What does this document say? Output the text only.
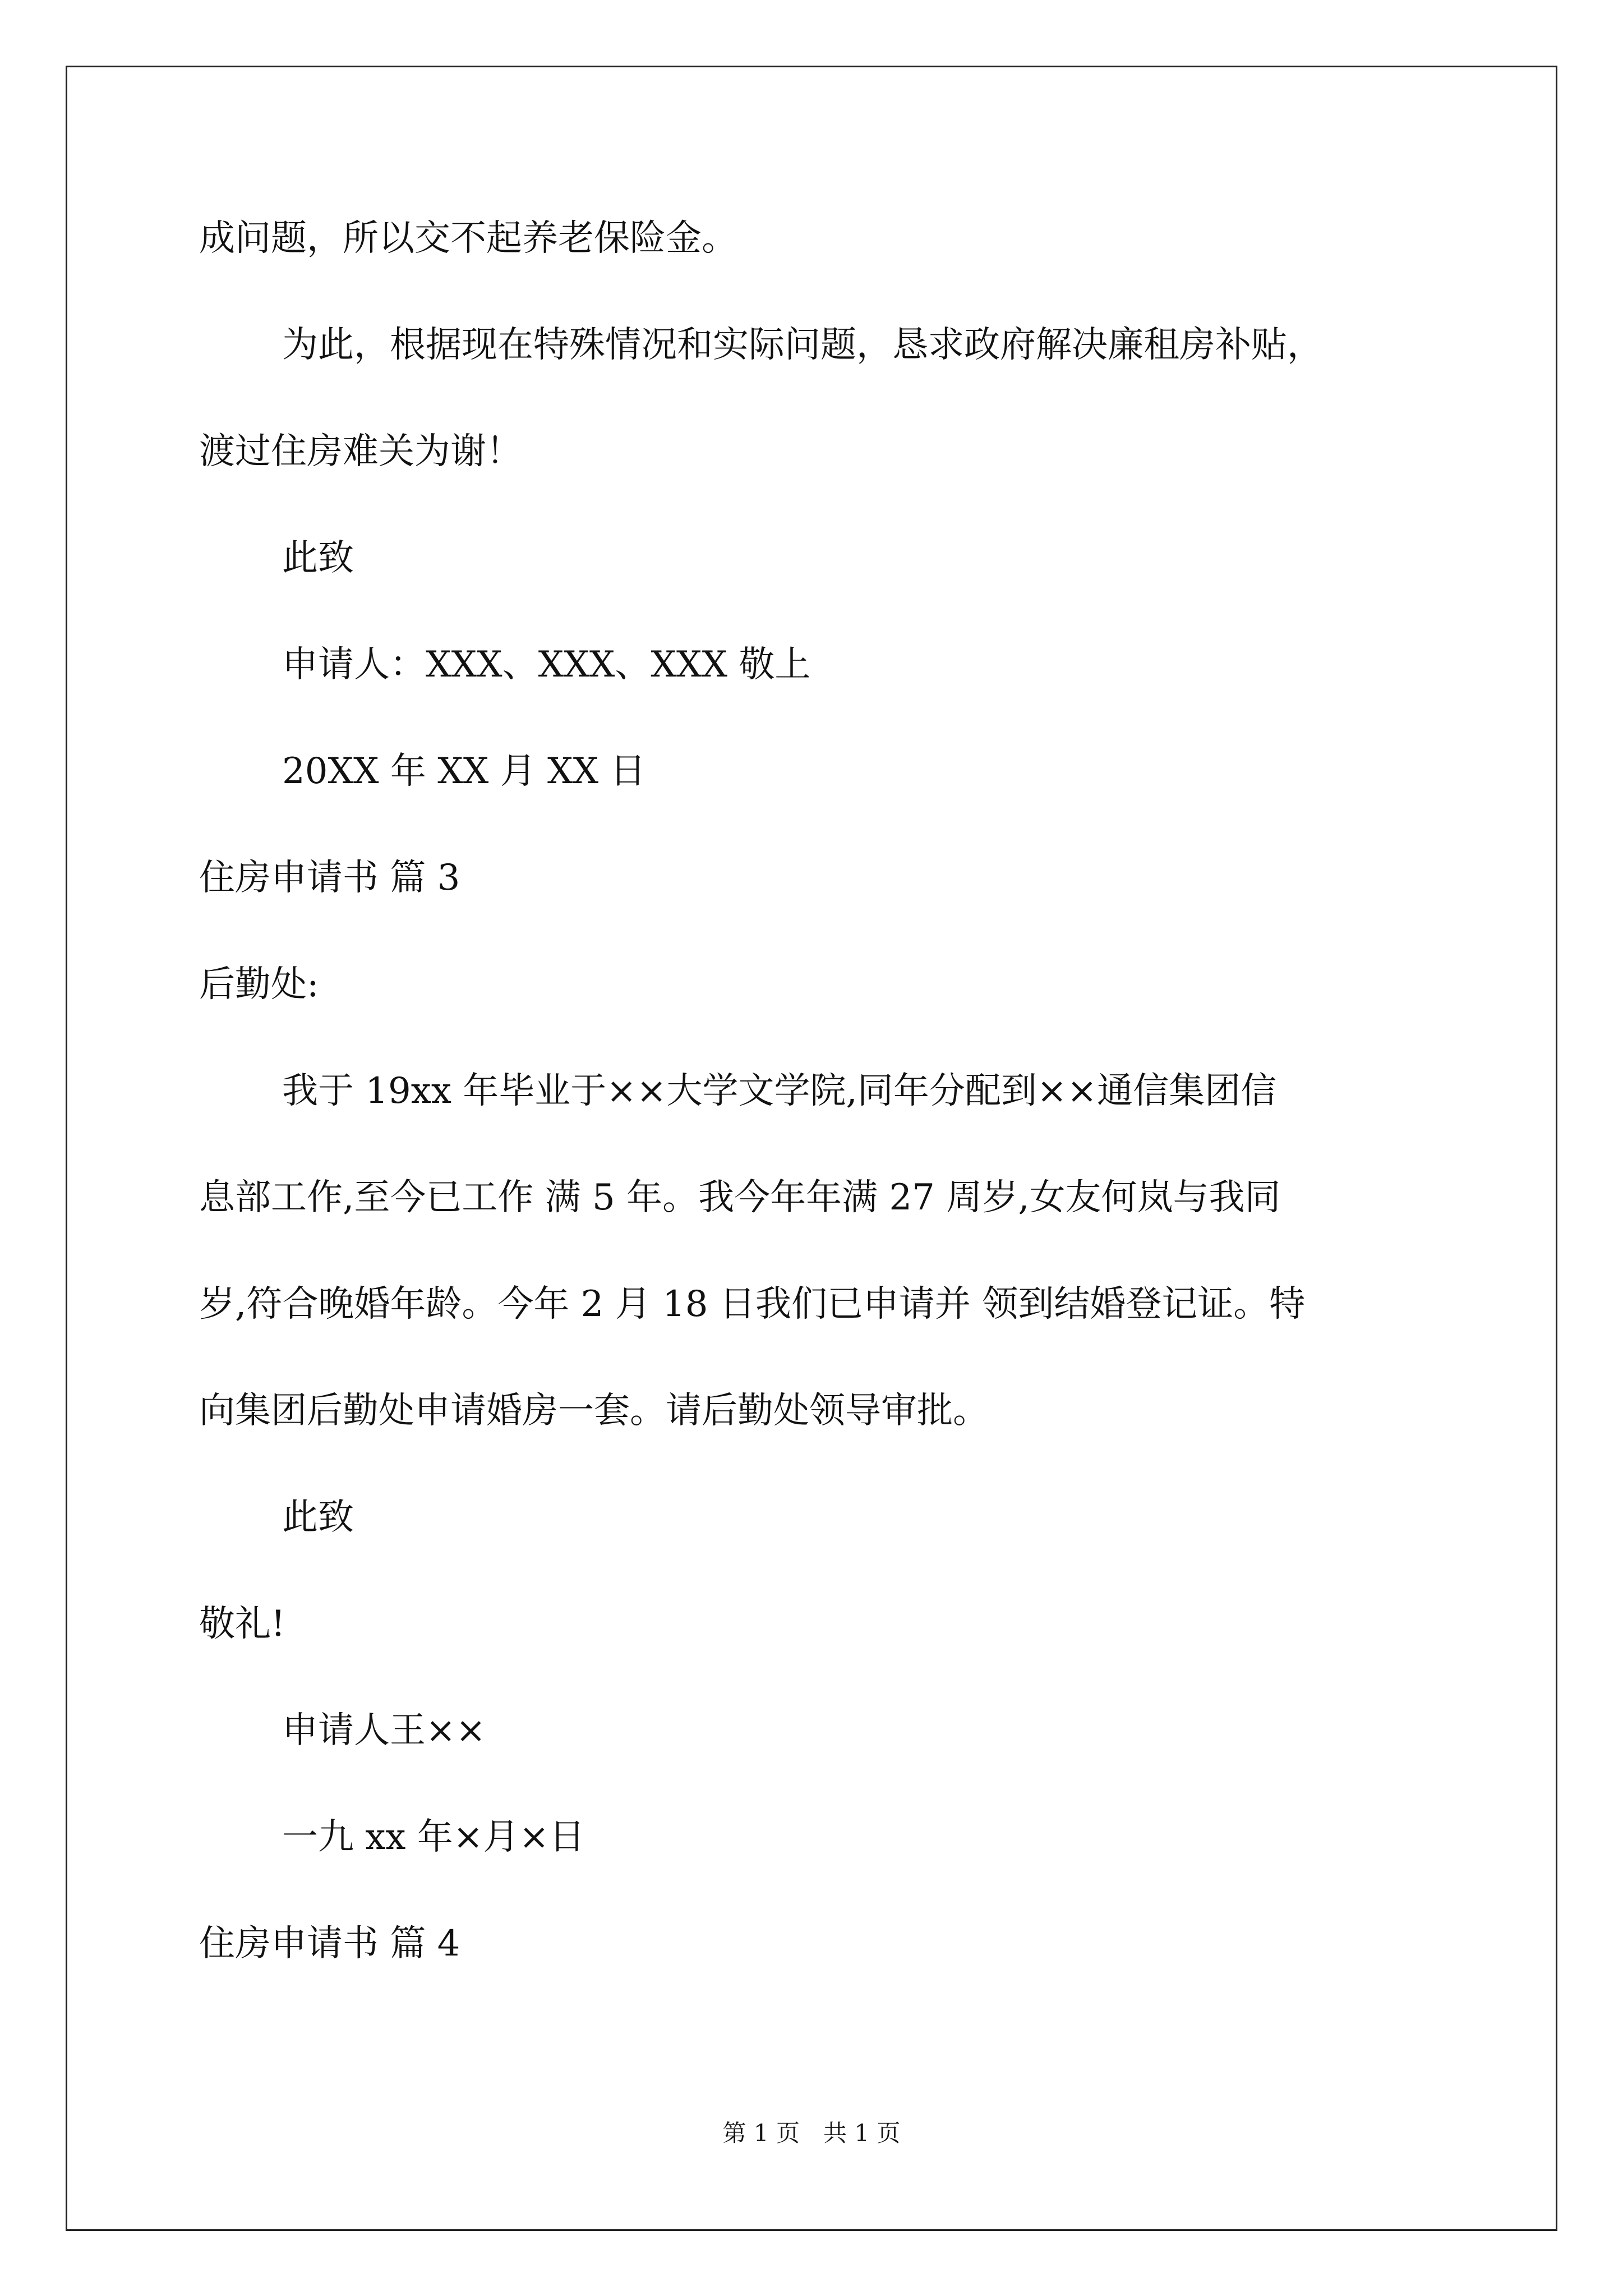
成问题，所以交不起养老保险金。

为此，根据现在特殊情况和实际问题，恳求政府解决廉租房补贴，

渡过住房难关为谢！

此致

申请人：XXX、XXX、XXX 敬上

20XX 年 XX 月 XX 日

住房申请书 篇 3

后勤处:

我于 19xx 年毕业于××大学文学院,同年分配到××通信集团信

息部工作,至今已工作 满 5 年。我今年年满 27 周岁,女友何岚与我同

岁,符合晚婚年龄。今年 2 月 18 日我们已申请并 领到结婚登记证。特

向集团后勤处申请婚房一套。请后勤处领导审批。

此致

敬礼!

申请人王××

一九 xx 年×月×日

住房申请书 篇 4

第 1 页　共 1 页
